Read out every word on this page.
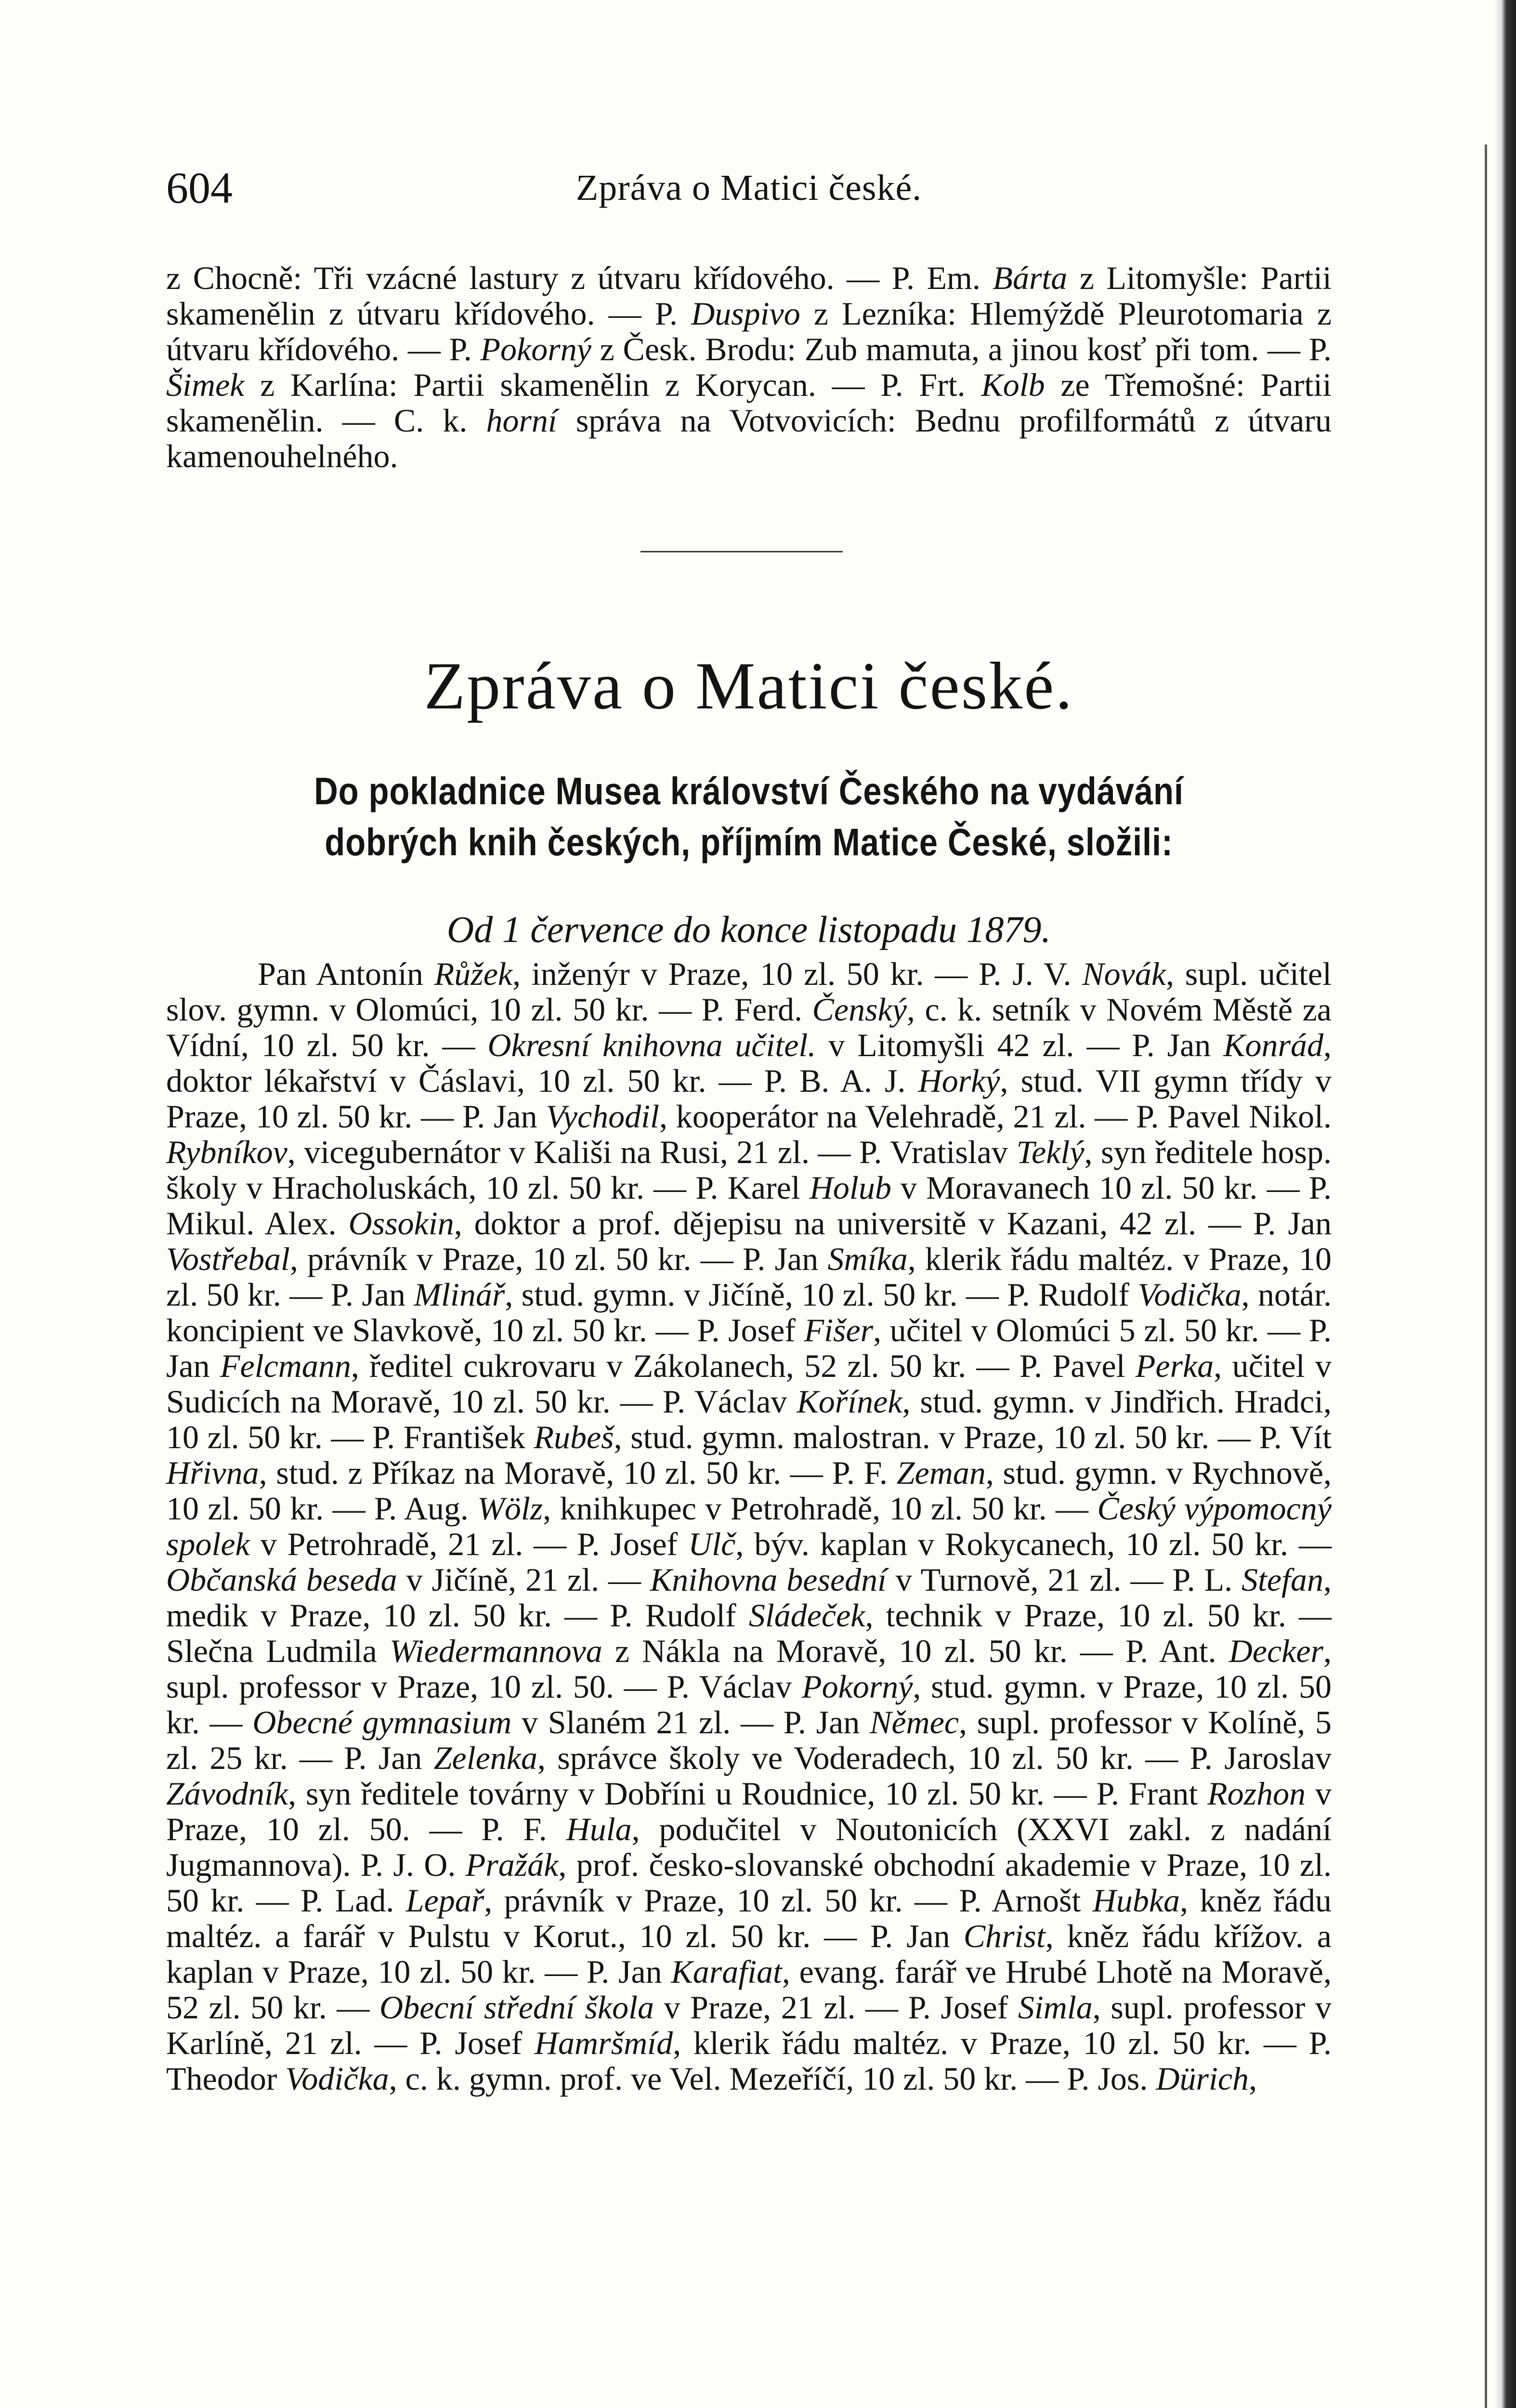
604	Zpráva o Matici české.

z Chocně: Tři vzácné lastury z útvaru křídového. — P. Em. Bárta z Litomyšle: Partii skamenělin z útvaru křídového. — P. Duspivo z Lezníka: Hlemýždě Pleurotomaria z útvaru křídového. — P. Pokorný z Česk. Brodu: Zub mamuta, a jinou kosť při tom. — P. Šimek z Karlína: Partii skamenělin z Korycan. — P. Frt. Kolb ze Třemošné: Partii skamenělin. — C. k. horní správa na Votvovicích: Bednu profilformátů z útvaru kamenouhelného.

Zpráva o Matici české.
Do pokladnice Musea království Českého na vydávání dobrých knih českých, příjmím Matice České, složili:
Od 1 července do konce listopadu 1879.

Pan Antonín Růžek, inženýr v Praze, 10 zl. 50 kr. — P. J. V. Novák, supl. učitel slov. gymn. v Olomúci, 10 zl. 50 kr. — P. Ferd. Čenský, c. k. setník v Novém Městě za Vídní, 10 zl. 50 kr. — Okresní knihovna učitel. v Litomyšli 42 zl. — P. Jan Konrád, doktor lékařství v Čáslavi, 10 zl. 50 kr. — P. B. A. J. Horký, stud. VII gymn třídy v Praze, 10 zl. 50 kr. — P. Jan Vychodil, kooperátor na Velehradě, 21 zl. — P. Pavel Nikol. Rybníkov, vicegubernátor v Kališi na Rusi, 21 zl. — P. Vratislav Teklý, syn ředitele hosp. školy v Hracholuskách, 10 zl. 50 kr. — P. Karel Holub v Moravanech 10 zl. 50 kr. — P. Mikul. Alex. Ossokin, doktor a prof. dějepisu na universitě v Kazani, 42 zl. — P. Jan Vostřebal, právník v Praze, 10 zl. 50 kr. — P. Jan Smíka, klerik řádu maltéz. v Praze, 10 zl. 50 kr. — P. Jan Mlinář, stud. gymn. v Jičíně, 10 zl. 50 kr. — P. Rudolf Vodička, notár. koncipient ve Slavkově, 10 zl. 50 kr. — P. Josef Fišer, učitel v Olomúci 5 zl. 50 kr. — P. Jan Felcmann, ředitel cukrovaru v Zákolanech, 52 zl. 50 kr. — P. Pavel Perka, učitel v Sudicích na Moravě, 10 zl. 50 kr. — P. Václav Kořínek, stud. gymn. v Jindřich. Hradci, 10 zl. 50 kr. — P. František Rubeš, stud. gymn. malostran. v Praze, 10 zl. 50 kr. — P. Vít Hřivna, stud. z Příkaz na Moravě, 10 zl. 50 kr. — P. F. Zeman, stud. gymn. v Rychnově, 10 zl. 50 kr. — P. Aug. Wölz, knihkupec v Petrohradě, 10 zl. 50 kr. — Český výpomocný spolek v Petrohradě, 21 zl. — P. Josef Ulč, býv. kaplan v Rokycanech, 10 zl. 50 kr. — Občanská beseda v Jičíně, 21 zl. — Knihovna besední v Turnově, 21 zl. — P. L. Stefan, medik v Praze, 10 zl. 50 kr. — P. Rudolf Sládeček, technik v Praze, 10 zl. 50 kr. — Slečna Ludmila Wiedermannova z Nákla na Moravě, 10 zl. 50 kr. — P. Ant. Decker, supl. professor v Praze, 10 zl. 50. — P. Václav Pokorný, stud. gymn. v Praze, 10 zl. 50 kr. — Obecné gymnasium v Slaném 21 zl. — P. Jan Němec, supl. professor v Kolíně, 5 zl. 25 kr. — P. Jan Zelenka, správce školy ve Voderadech, 10 zl. 50 kr. — P. Jaroslav Závodník, syn ředitele továrny v Dobříni u Roudnice, 10 zl. 50 kr. — P. Frant Rozhon v Praze, 10 zl. 50. — P. F. Hula, podučitel v Noutonicích (XXVI zakl. z nadání Jugmannova). P. J. O. Pražák, prof. česko-slovanské obchodní akademie v Praze, 10 zl. 50 kr. — P. Lad. Lepař, právník v Praze, 10 zl. 50 kr. — P. Arnošt Hubka, kněz řádu maltéz. a farář v Pulstu v Korut., 10 zl. 50 kr. — P. Jan Christ, kněz řádu křížov. a kaplan v Praze, 10 zl. 50 kr. — P. Jan Karafiat, evang. farář ve Hrubé Lhotě na Moravě, 52 zl. 50 kr. — Obecní střední škola v Praze, 21 zl. — P. Josef Simla, supl. professor v Karlíně, 21 zl. — P. Josef Hamršmíd, klerik řádu maltéz. v Praze, 10 zl. 50 kr. — P. Theodor Vodička, c. k. gymn. prof. ve Vel. Mezeříčí, 10 zl. 50 kr. — P. Jos. Dürich,
